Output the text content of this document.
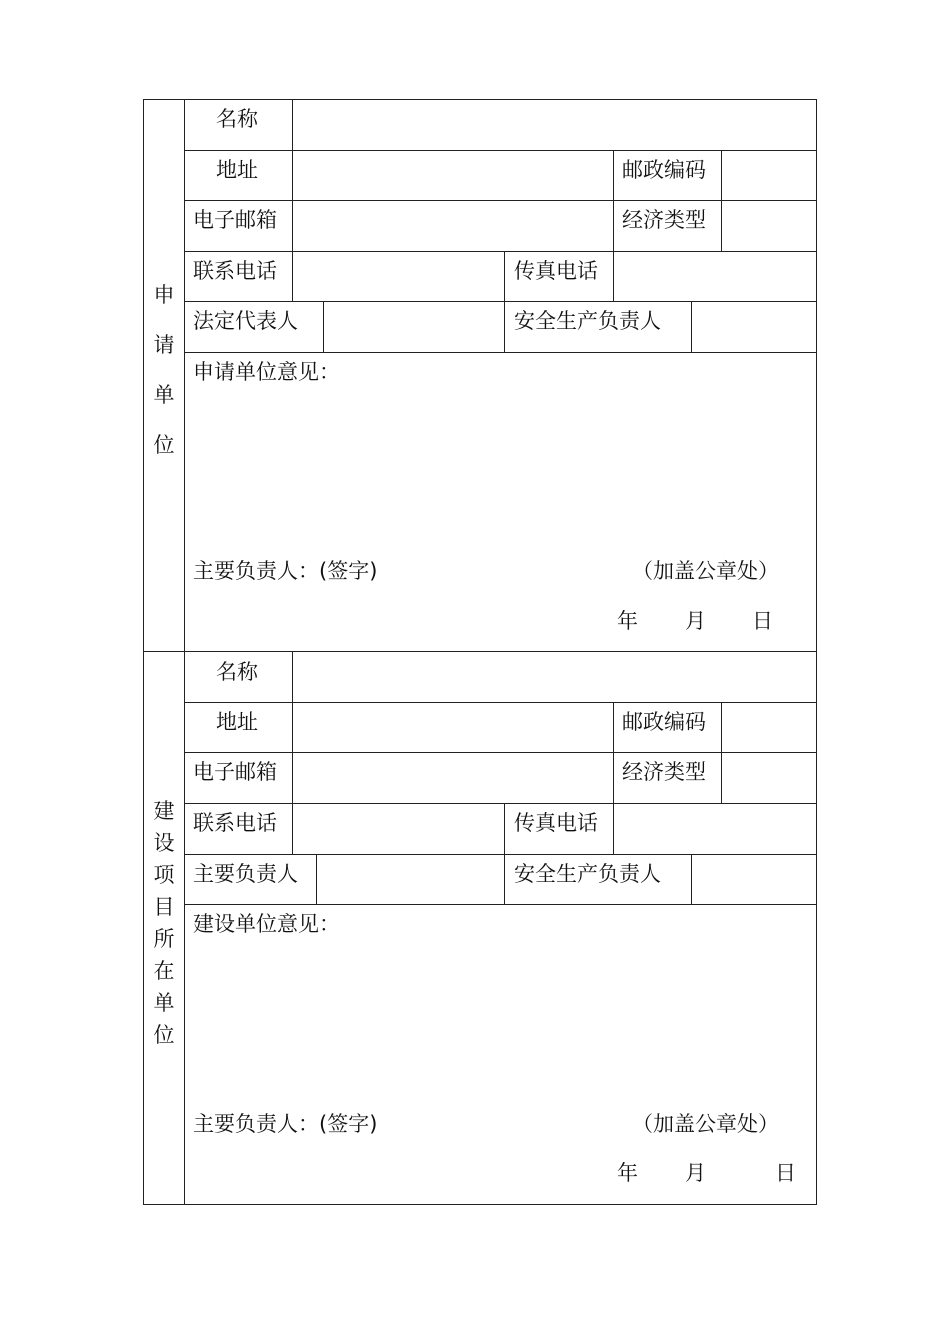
申
请
单
位
名称
地址	邮政编码
电子邮箱	经济类型
联系电话	传真电话
法定代表人	安全生产负责人
申请单位意见：
主要负责人：(签字)	（加盖公章处）
年 月 日
建
设
项
目
所
在
单
位
名称
地址	邮政编码
电子邮箱	经济类型
联系电话	传真电话
主要负责人	安全生产负责人
建设单位意见：
主要负责人：(签字)	（加盖公章处）
年 月	日
